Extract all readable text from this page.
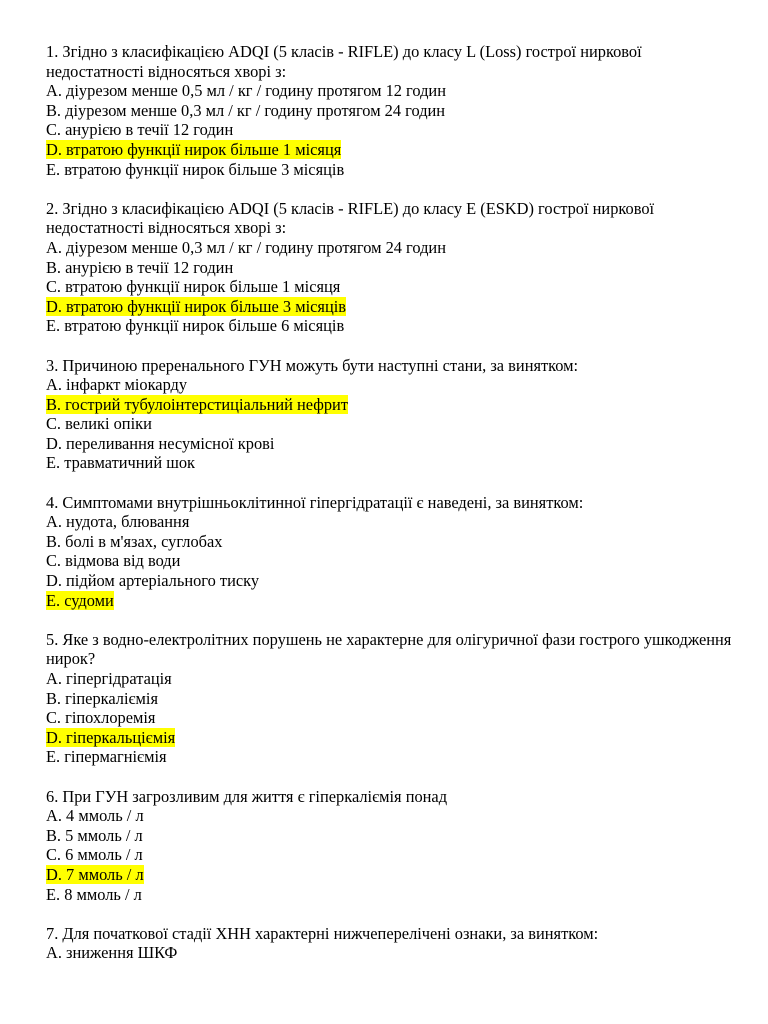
1. Згідно з класифікацією ADQI (5 класів - RIFLE) до класу L (Loss) гострої ниркової недостатності відносяться хворі з:
A. діурезом менше 0,5 мл / кг / годину протягом 12 годин
B. діурезом менше 0,3 мл / кг / годину протягом 24 годин
C. анурією в течії 12 годин
D. втратою функції нирок більше 1 місяця
E. втратою функції нирок більше 3 місяців
2. Згідно з класифікацією ADQI (5 класів - RIFLE) до класу E (ESKD) гострої ниркової недостатності відносяться хворі з:
A. діурезом менше 0,3 мл / кг / годину протягом 24 годин
B. анурією в течії 12 годин
C. втратою функції нирок більше 1 місяця
D. втратою функції нирок більше 3 місяців
E. втратою функції нирок більше 6 місяців
3. Причиною преренального ГУН можуть бути наступні стани, за винятком:
A. інфаркт міокарду
B. гострий тубулоінтерстиціальний нефрит
C. великі опіки
D. переливання несумісної крові
E. травматичний шок
4. Симптомами внутрішньоклітинної гіпергідратації є наведені, за винятком:
A. нудота, блювання
B. болі в м'язах, суглобах
C. відмова від води
D. підйом артеріального тиску
E. судоми
5. Яке з водно-електролітних порушень не характерне для олігуричної фази гострого ушкодження нирок?
A. гіпергідратація
B. гіперкаліємія
C. гіпохлоремія
D. гіперкальціємія
E. гіпермагніємія
6. При ГУН загрозливим для життя є гіперкаліємія понад
A. 4 ммоль / л
B. 5 ммоль / л
C. 6 ммоль / л
D. 7 ммоль / л
E. 8 ммоль / л
7. Для початкової стадії ХНН характерні нижчеперелічені ознаки, за винятком:
A. зниження ШКФ
